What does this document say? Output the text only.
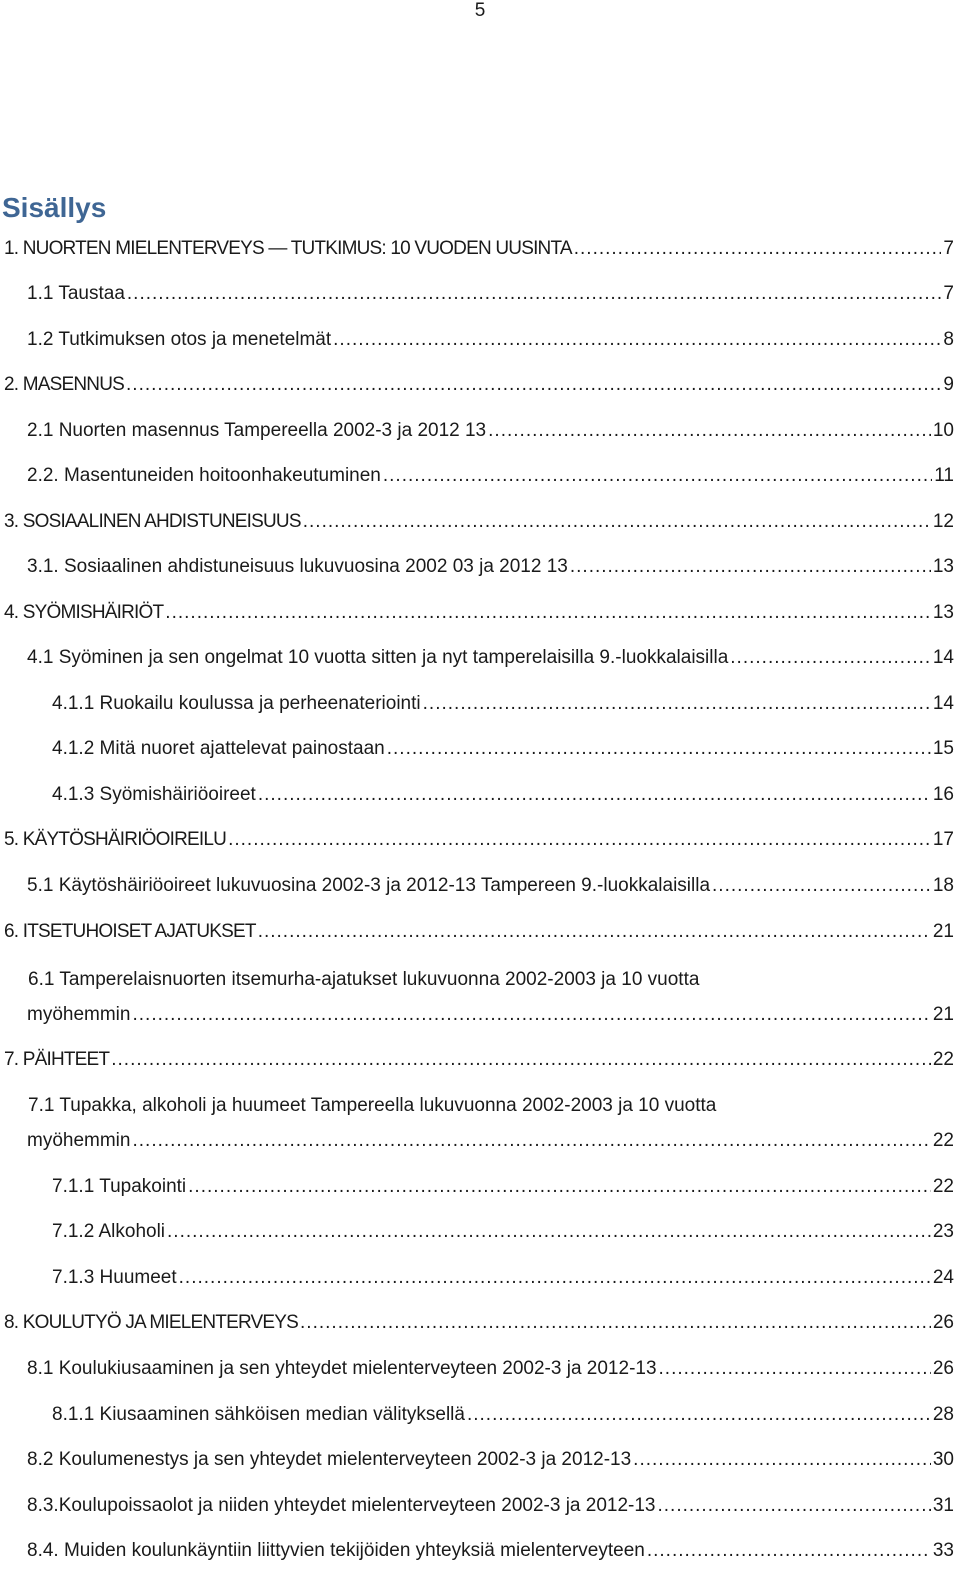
5
Sisällys
1. NUORTEN MIELENTERVEYS — TUTKIMUS: 10 VUODEN UUSINTA .....	7
1.1 Taustaa .....	7
1.2 Tutkimuksen otos ja menetelmät .....	8
2. MASENNUS .....	9
2.1 Nuorten masennus Tampereella 2002-3 ja 2012 13 .....	10
2.2. Masentuneiden hoitoonhakeutuminen .....	11
3. SOSIAALINEN AHDISTUNEISUUS .....	12
3.1. Sosiaalinen ahdistuneisuus lukuvuosina 2002 03 ja 2012 13 .....	13
4. SYÖMISHÄIRIÖT .....	13
4.1 Syöminen ja sen ongelmat 10 vuotta sitten ja nyt tamperelaisilla 9.-luokkalaisilla .....	14
4.1.1 Ruokailu koulussa ja perheenateriointi .....	14
4.1.2 Mitä nuoret ajattelevat painostaan .....	15
4.1.3 Syömishäiriöoireet .....	16
5. KÄYTÖSHÄIRIÖOIREILU .....	17
5.1 Käytöshäiriöoireet lukuvuosina 2002-3 ja 2012-13 Tampereen 9.-luokkalaisilla .....	18
6. ITSETUHOISET AJATUKSET .....	21
6.1 Tamperelaisnuorten itsemurha-ajatukset lukuvuonna 2002-2003 ja 10 vuotta
myöhemmin .....	21
7. PÄIHTEET .....	22
7.1 Tupakka, alkoholi ja huumeet Tampereella lukuvuonna 2002-2003 ja 10 vuotta
myöhemmin .....	22
7.1.1 Tupakointi .....	22
7.1.2 Alkoholi .....	23
7.1.3 Huumeet .....	24
8. KOULUTYÖ JA MIELENTERVEYS .....	26
8.1 Koulukiusaaminen ja sen yhteydet mielenterveyteen 2002-3 ja 2012-13 .....	26
8.1.1 Kiusaaminen sähköisen median välityksellä .....	28
8.2 Koulumenestys ja sen yhteydet mielenterveyteen 2002-3 ja 2012-13 .....	30
8.3.Koulupoissaolot ja niiden yhteydet mielenterveyteen 2002-3 ja 2012-13 .....	31
8.4. Muiden koulunkäyntiin liittyvien tekijöiden yhteyksiä mielenterveyteen .....	33
